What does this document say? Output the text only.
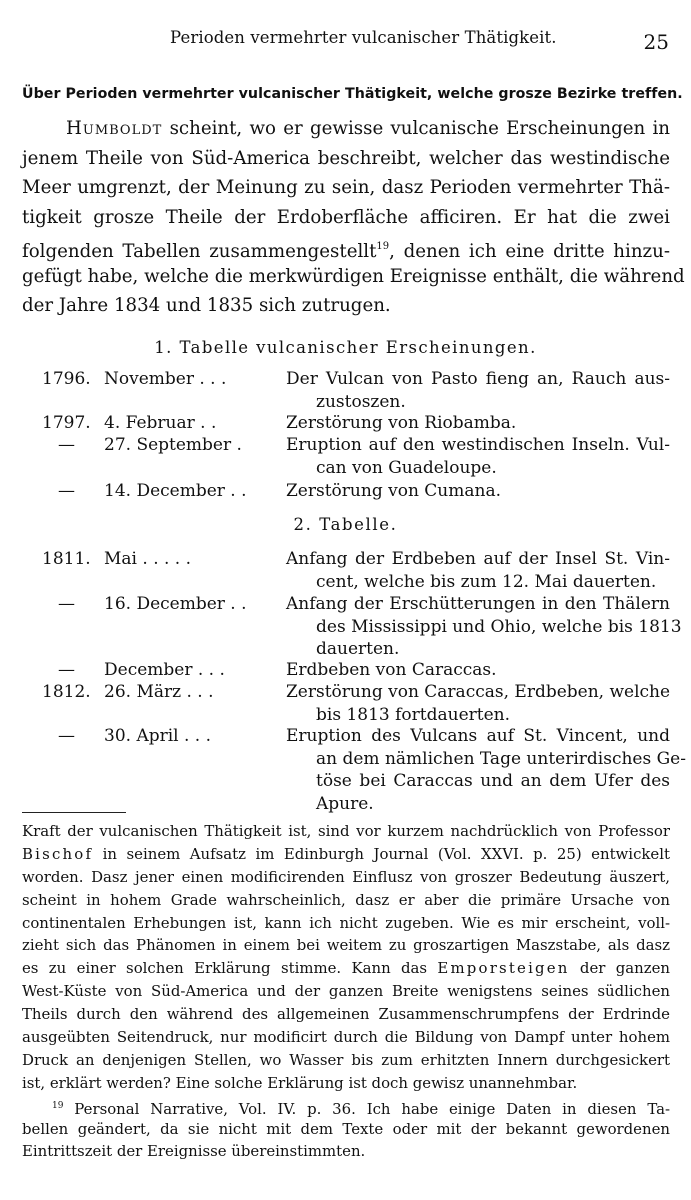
Perioden vermehrter vulcanischer Thätigkeit.	25
Über Perioden vermehrter vulcanischer Thätigkeit, welche grosze Bezirke treffen.
Humboldt scheint, wo er gewisse vulcanische Erscheinungen in
jenem Theile von Süd-America beschreibt, welcher das westindische
Meer umgrenzt, der Meinung zu sein, dasz Perioden vermehrter Thä-
tigkeit grosze Theile der Erdoberfläche afficiren. Er hat die zwei
folgenden Tabellen zusammengestellt$^{19}$, denen ich eine dritte hinzu-
gefügt habe, welche die merkwürdigen Ereignisse enthält, die während
der Jahre 1834 und 1835 sich zutrugen.
1. Tabelle vulcanischer Erscheinungen.
1796. November . . .	Der Vulcan von Pasto fieng an, Rauch aus-
zustoszen.
1797. 4. Februar . .	Zerstörung von Riobamba.
— 27. September .	Eruption auf den westindischen Inseln. Vul-
can von Guadeloupe.
— 14. December . .	Zerstörung von Cumana.
2. Tabelle.
1811. Mai . . . . .	Anfang der Erdbeben auf der Insel St. Vin-
cent, welche bis zum 12. Mai dauerten.
— 16. December . .	Anfang der Erschütterungen in den Thälern
des Mississippi und Ohio, welche bis 1813
dauerten.
— December . . .	Erdbeben von Caraccas.
1812. 26. März . . .	Zerstörung von Caraccas, Erdbeben, welche
bis 1813 fortdauerten.
— 30. April . . .	Eruption des Vulcans auf St. Vincent, und
an dem nämlichen Tage unterirdisches Ge-
töse bei Caraccas und an dem Ufer des
Apure.
Kraft der vulcanischen Thätigkeit ist, sind vor kurzem nachdrücklich von Professor
Bischof in seinem Aufsatz im Edinburgh Journal (Vol. XXVI. p. 25) entwickelt
worden. Dasz jener einen modificirenden Einflusz von groszer Bedeutung äuszert,
scheint in hohem Grade wahrscheinlich, dasz er aber die primäre Ursache von
continentalen Erhebungen ist, kann ich nicht zugeben. Wie es mir erscheint, voll-
zieht sich das Phänomen in einem bei weitem zu groszartigen Maszstabe, als dasz
es zu einer solchen Erklärung stimme. Kann das Emporsteigen der ganzen
West-Küste von Süd-America und der ganzen Breite wenigstens seines südlichen
Theils durch den während des allgemeinen Zusammenschrumpfens der Erdrinde
ausgeübten Seitendruck, nur modificirt durch die Bildung von Dampf unter hohem
Druck an denjenigen Stellen, wo Wasser bis zum erhitzten Innern durchgesickert
ist, erklärt werden? Eine solche Erklärung ist doch gewisz unannehmbar.
$^{19}$ Personal Narrative, Vol. IV. p. 36. Ich habe einige Daten in diesen Ta-
bellen geändert, da sie nicht mit dem Texte oder mit der bekannt gewordenen
Eintrittszeit der Ereignisse übereinstimmten.
